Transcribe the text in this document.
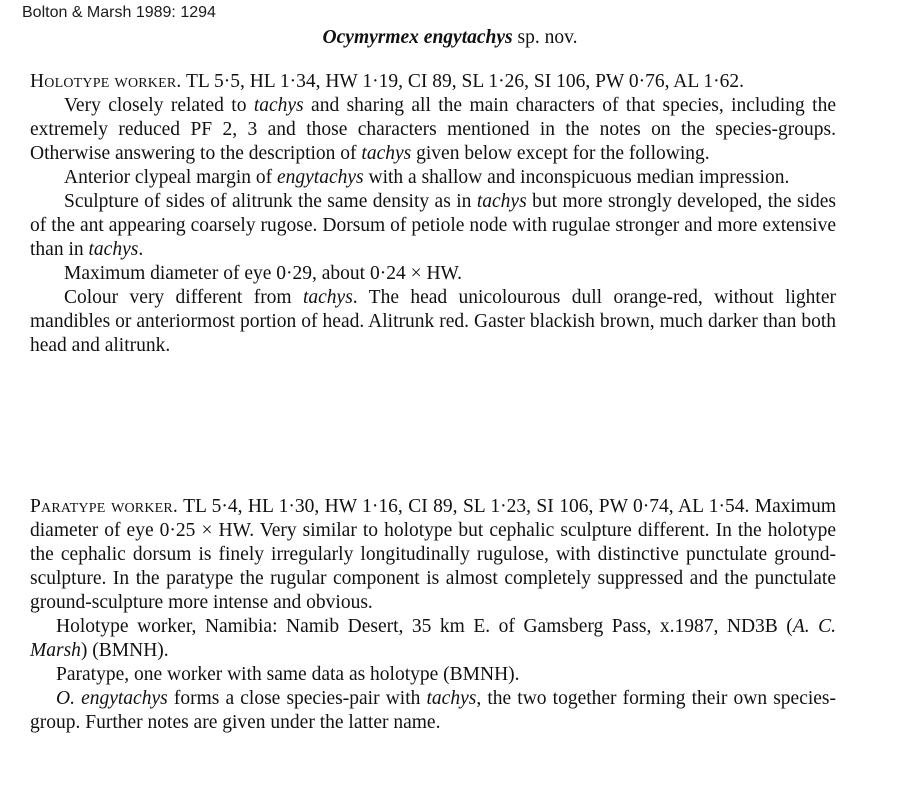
Bolton & Marsh 1989: 1294
Ocymyrmex engytachys sp. nov.

Holotype worker. TL 5·5, HL 1·34, HW 1·19, CI 89, SL 1·26, SI 106, PW 0·76, AL 1·62.

Very closely related to tachys and sharing all the main characters of that species, including the extremely reduced PF 2, 3 and those characters mentioned in the notes on the species-groups. Otherwise answering to the description of tachys given below except for the following.

Anterior clypeal margin of engytachys with a shallow and inconspicuous median impression.

Sculpture of sides of alitrunk the same density as in tachys but more strongly developed, the sides of the ant appearing coarsely rugose. Dorsum of petiole node with rugulae stronger and more extensive than in tachys.

Maximum diameter of eye 0·29, about 0·24 × HW.

Colour very different from tachys. The head unicolourous dull orange-red, without lighter mandibles or anteriormost portion of head. Alitrunk red. Gaster blackish brown, much darker than both head and alitrunk.

Paratype worker. TL 5·4, HL 1·30, HW 1·16, CI 89, SL 1·23, SI 106, PW 0·74, AL 1·54. Maximum diameter of eye 0·25 × HW. Very similar to holotype but cephalic sculpture different. In the holotype the cephalic dorsum is finely irregularly longitudinally rugulose, with distinctive punctulate ground-sculpture. In the paratype the rugular component is almost completely suppressed and the punctulate ground-sculpture more intense and obvious.

Holotype worker, Namibia: Namib Desert, 35 km E. of Gamsberg Pass, x.1987, ND3B (A. C. Marsh) (BMNH).

Paratype, one worker with same data as holotype (BMNH).

O. engytachys forms a close species-pair with tachys, the two together forming their own species-group. Further notes are given under the latter name.
